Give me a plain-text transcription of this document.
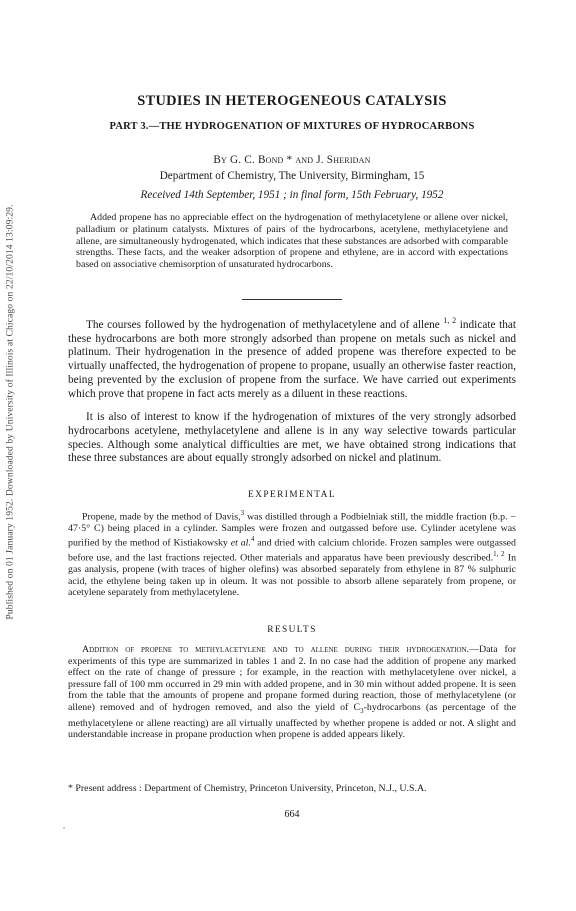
Published on 01 January 1952. Downloaded by University of Illinois at Chicago on 22/10/2014 13:09:29.
STUDIES IN HETEROGENEOUS CATALYSIS
PART 3.—THE HYDROGENATION OF MIXTURES OF HYDROCARBONS
By G. C. Bond * and J. Sheridan
Department of Chemistry, The University, Birmingham, 15
Received 14th September, 1951 ; in final form, 15th February, 1952

Added propene has no appreciable effect on the hydrogenation of methylacetylene or allene over nickel, palladium or platinum catalysts. Mixtures of pairs of the hydrocarbons, acetylene, methylacetylene and allene, are simultaneously hydrogenated, which indicates that these substances are adsorbed with comparable strengths. These facts, and the weaker adsorption of propene and ethylene, are in accord with expectations based on associative chemisorption of unsaturated hydrocarbons.

The courses followed by the hydrogenation of methylacetylene and of allene $^{1, 2}$ indicate that these hydrocarbons are both more strongly adsorbed than propene on metals such as nickel and platinum. Their hydrogenation in the presence of added propene was therefore expected to be virtually unaffected, the hydrogenation of propene to propane, usually an otherwise faster reaction, being prevented by the exclusion of propene from the surface. We have carried out experiments which prove that propene in fact acts merely as a diluent in these reactions.

It is also of interest to know if the hydrogenation of mixtures of the very strongly adsorbed hydrocarbons acetylene, methylacetylene and allene is in any way selective towards particular species. Although some analytical difficulties are met, we have obtained strong indications that these three substances are about equally strongly adsorbed on nickel and platinum.

EXPERIMENTAL

Propene, made by the method of Davis,$^3$ was distilled through a Podbielniak still, the middle fraction (b.p. − 47·5° C) being placed in a cylinder. Samples were frozen and outgassed before use. Cylinder acetylene was purified by the method of Kistiakowsky et al.$^4$ and dried with calcium chloride. Frozen samples were outgassed before use, and the last fractions rejected. Other materials and apparatus have been previously described.$^{1, 2}$ In gas analysis, propene (with traces of higher olefins) was absorbed separately from ethylene in 87 % sulphuric acid, the ethylene being taken up in oleum. It was not possible to absorb allene separately from propene, or acetylene separately from methylacetylene.

RESULTS

Addition of propene to methylacetylene and to allene during their hydrogenation.—Data for experiments of this type are summarized in tables 1 and 2. In no case had the addition of propene any marked effect on the rate of change of pressure ; for example, in the reaction with methylacetylene over nickel, a pressure fall of 100 mm occurred in 29 min with added propene, and in 30 min without added propene. It is seen from the table that the amounts of propene and propane formed during reaction, those of methylacetylene (or allene) removed and of hydrogen removed, and also the yield of $C_3$-hydrocarbons (as percentage of the methylacetylene or allene reacting) are all virtually unaffected by whether propene is added or not. A slight and understandable increase in propane production when propene is added appears likely.

* Present address : Department of Chemistry, Princeton University, Princeton, N.J., U.S.A.

664
•
